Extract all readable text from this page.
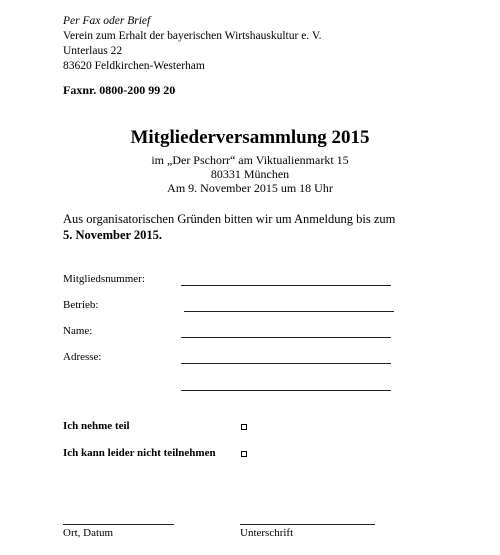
Per Fax oder Brief
Verein zum Erhalt der bayerischen Wirtshauskultur e. V.
Unterlaus 22
83620 Feldkirchen-Westerham
Faxnr. 0800-200 99 20
Mitgliederversammlung 2015
im „Der Pschorr“ am Viktualienmarkt 15
80331 München
Am 9. November 2015 um 18 Uhr
Aus organisatorischen Gründen bitten wir um Anmeldung bis zum
5. November 2015.
Mitgliedsnummer:
Betrieb:
Name:
Adresse:
Ich nehme teil
Ich kann leider nicht teilnehmen
Ort, Datum	Unterschrift
